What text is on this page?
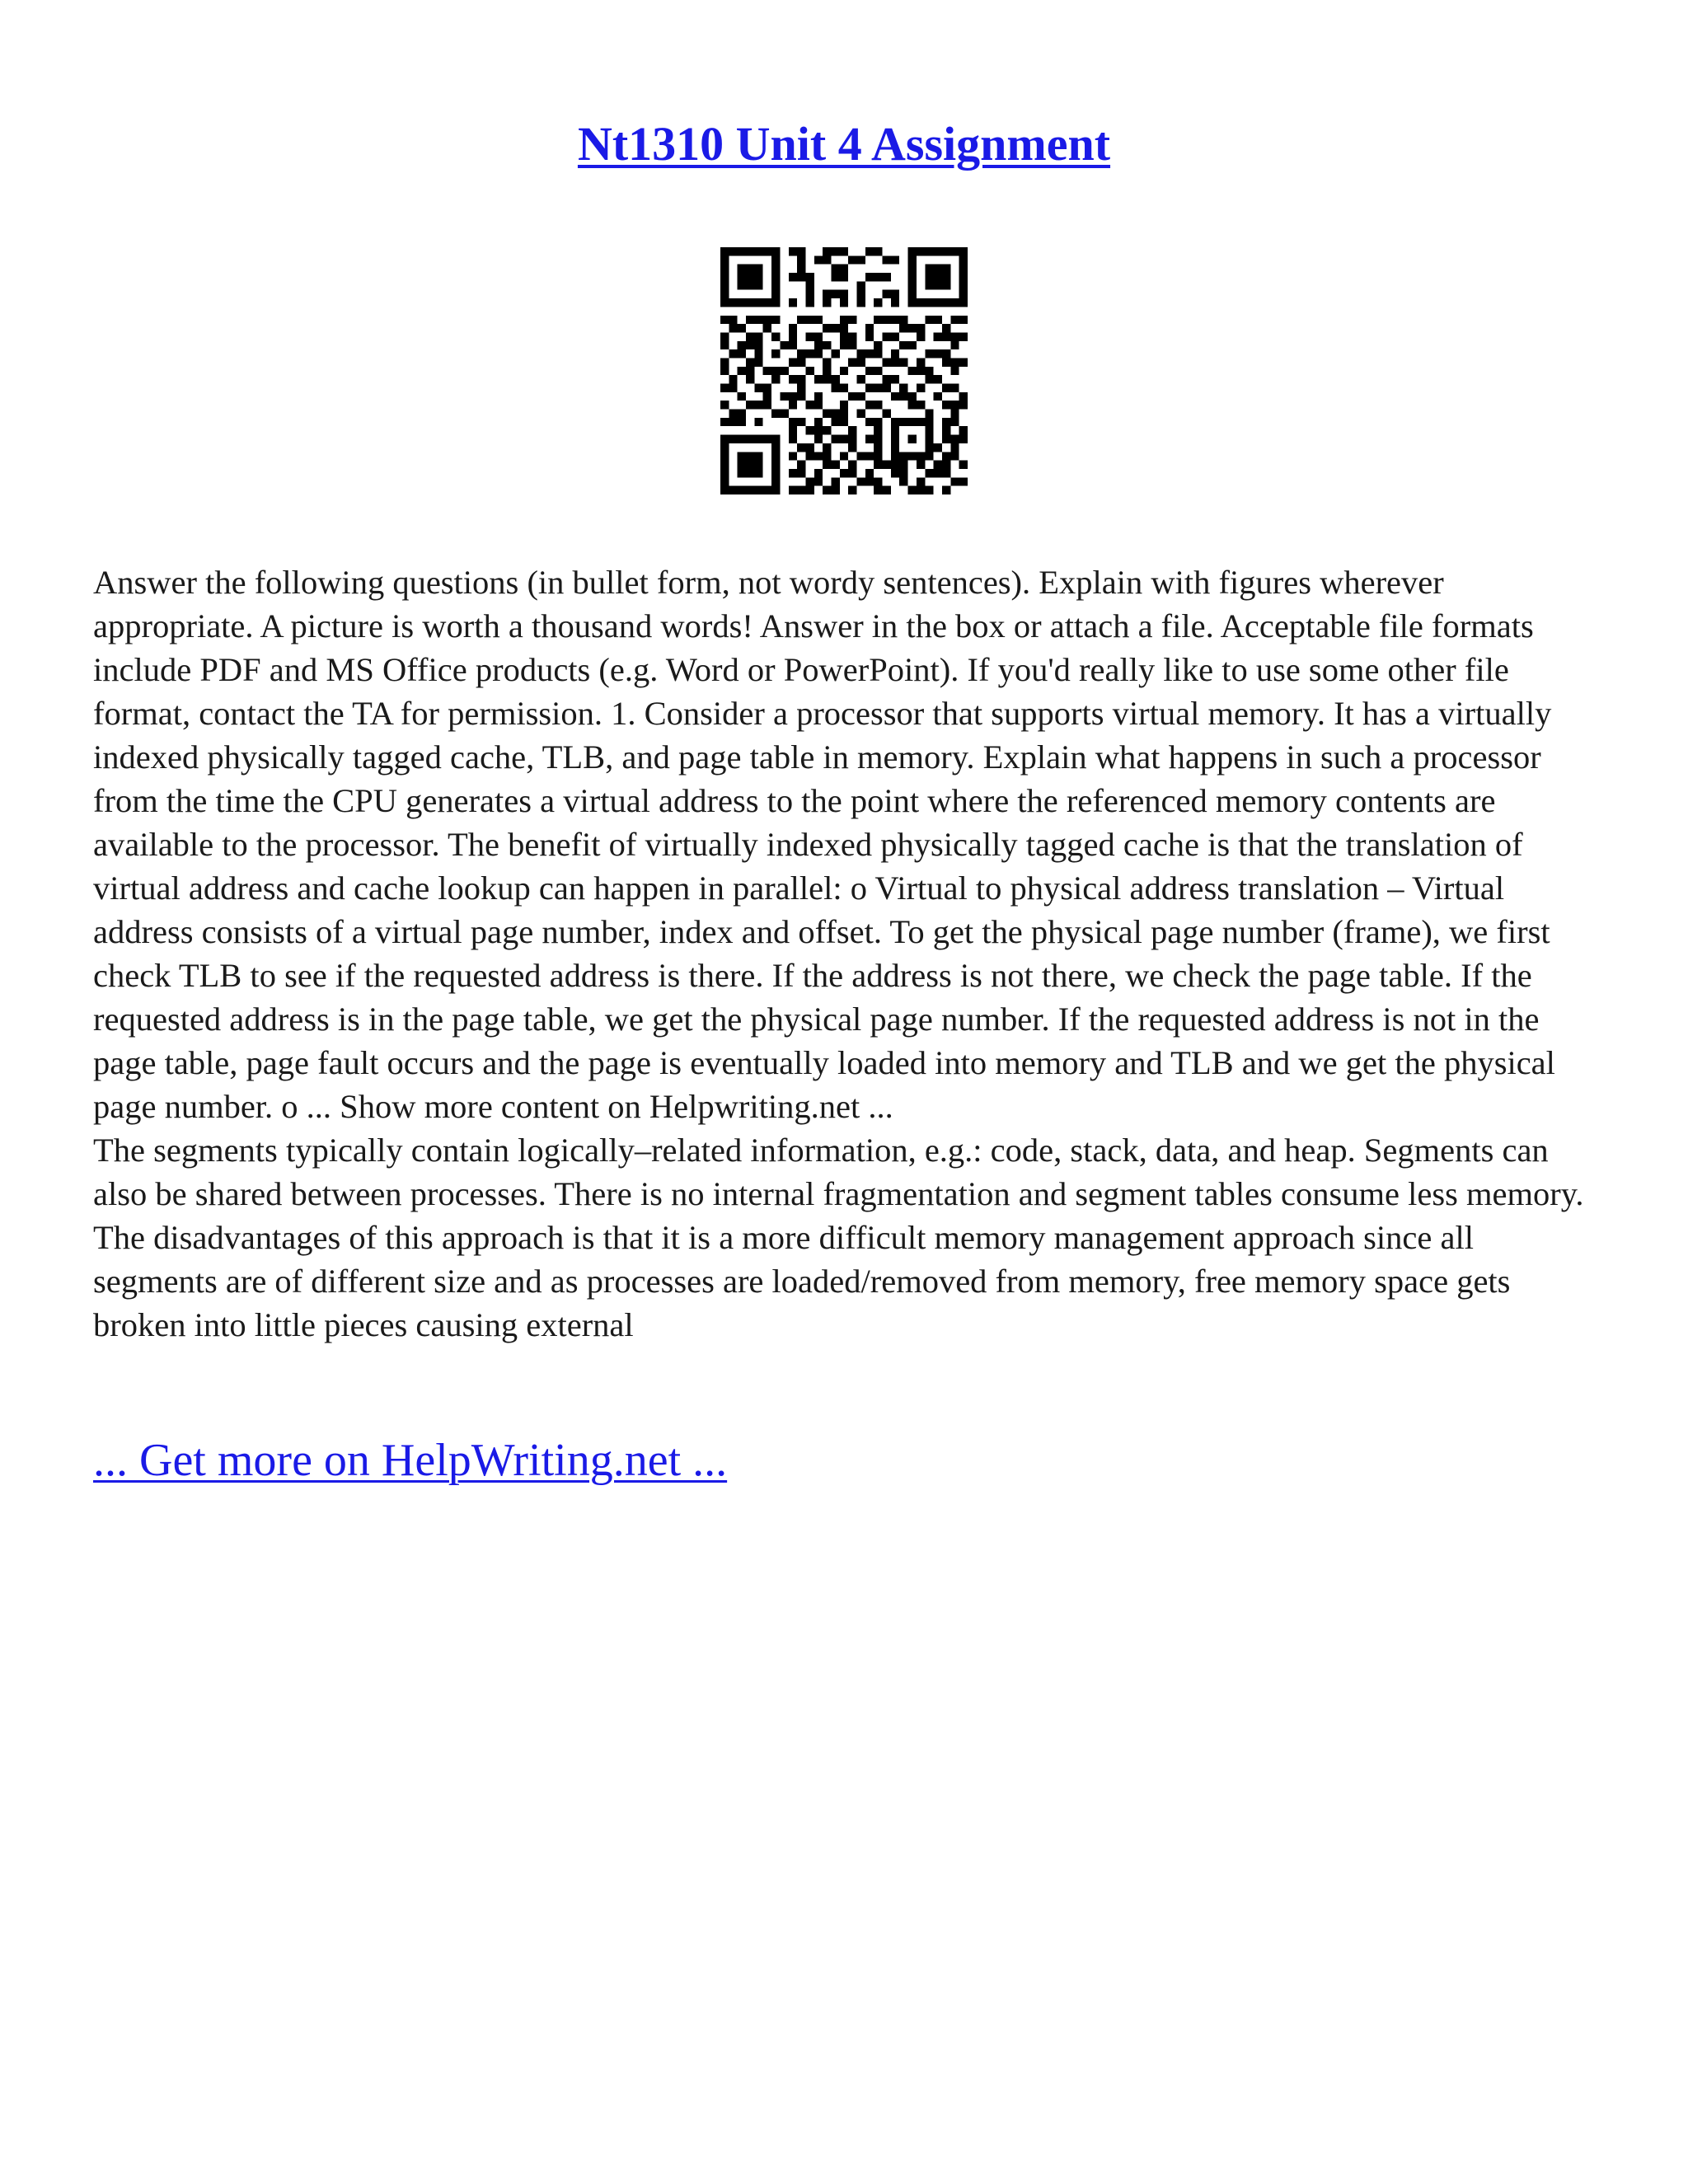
Nt1310 Unit 4 Assignment

Answer the following questions (in bullet form, not wordy sentences). Explain with figures wherever appropriate. A picture is worth a thousand words! Answer in the box or attach a file. Acceptable file formats include PDF and MS Office products (e.g. Word or PowerPoint). If you'd really like to use some other file format, contact the TA for permission. 1. Consider a processor that supports virtual memory. It has a virtually indexed physically tagged cache, TLB, and page table in memory. Explain what happens in such a processor from the time the CPU generates a virtual address to the point where the referenced memory contents are available to the processor. The benefit of virtually indexed physically tagged cache is that the translation of virtual address and cache lookup can happen in parallel: o Virtual to physical address translation – Virtual address consists of a virtual page number, index and offset. To get the physical page number (frame), we first check TLB to see if the requested address is there. If the address is not there, we check the page table. If the requested address is in the page table, we get the physical page number. If the requested address is not in the page table, page fault occurs and the page is eventually loaded into memory and TLB and we get the physical page number. o ... Show more content on Helpwriting.net ...

The segments typically contain logically–related information, e.g.: code, stack, data, and heap. Segments can also be shared between processes. There is no internal fragmentation and segment tables consume less memory. The disadvantages of this approach is that it is a more difficult memory management approach since all segments are of different size and as processes are loaded/removed from memory, free memory space gets broken into little pieces causing external

... Get more on HelpWriting.net ...
